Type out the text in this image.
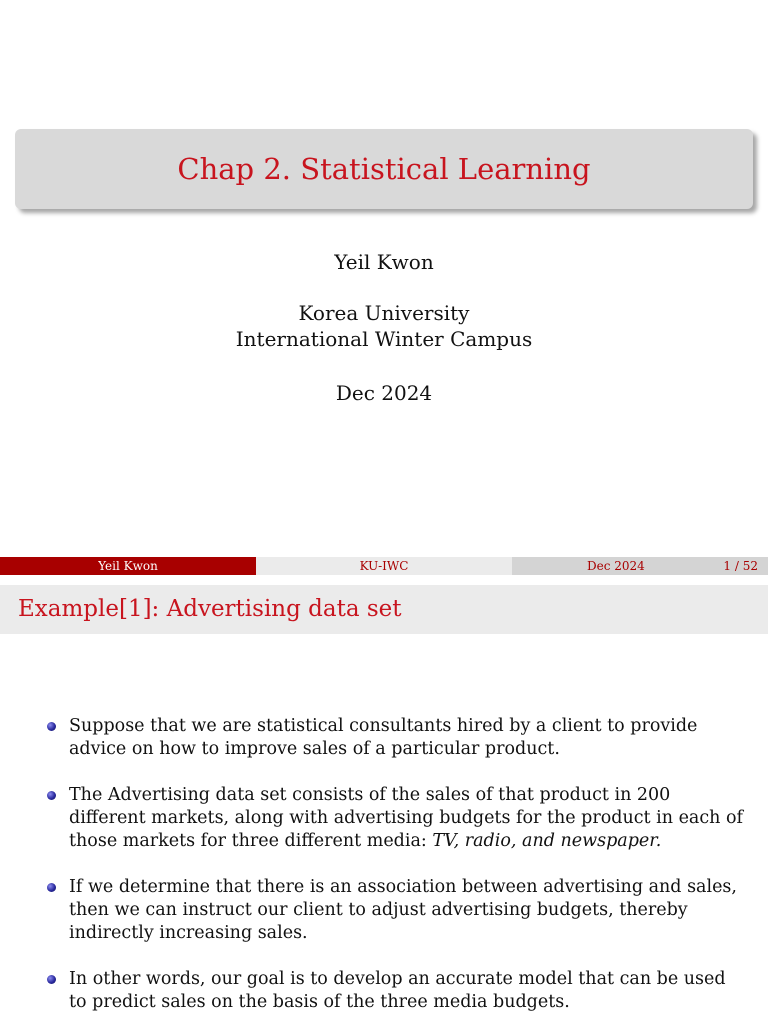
Chap 2. Statistical Learning
Yeil Kwon
Korea University
International Winter Campus
Dec 2024
Yeil Kwon	KU-IWC	Dec 2024	1 / 52
Example[1]: Advertising data set
Suppose that we are statistical consultants hired by a client to provide advice on how to improve sales of a particular product.
The Advertising data set consists of the sales of that product in 200 different markets, along with advertising budgets for the product in each of those markets for three different media: TV, radio, and newspaper.
If we determine that there is an association between advertising and sales, then we can instruct our client to adjust advertising budgets, thereby indirectly increasing sales.
In other words, our goal is to develop an accurate model that can be used to predict sales on the basis of the three media budgets.
